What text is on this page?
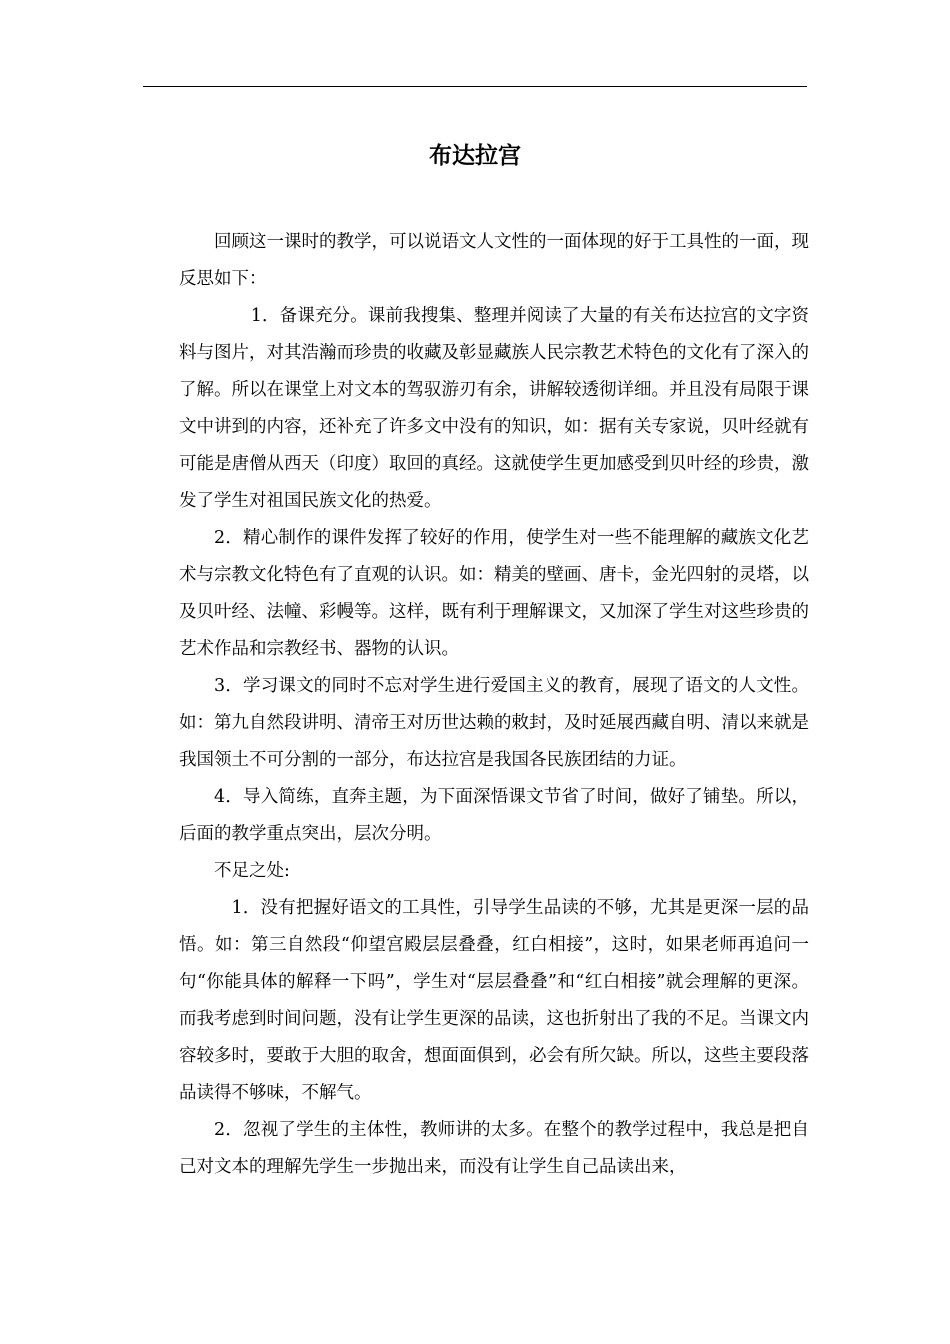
布达拉宫

回顾这一课时的教学，可以说语文人文性的一面体现的好于工具性的一面，现反思如下：

1．备课充分。课前我搜集、整理并阅读了大量的有关布达拉宫的文字资料与图片，对其浩瀚而珍贵的收藏及彰显藏族人民宗教艺术特色的文化有了深入的了解。所以在课堂上对文本的驾驭游刃有余，讲解较透彻详细。并且没有局限于课文中讲到的内容，还补充了许多文中没有的知识，如：据有关专家说，贝叶经就有可能是唐僧从西天（印度）取回的真经。这就使学生更加感受到贝叶经的珍贵，激发了学生对祖国民族文化的热爱。

2．精心制作的课件发挥了较好的作用，使学生对一些不能理解的藏族文化艺术与宗教文化特色有了直观的认识。如：精美的壁画、唐卡，金光四射的灵塔，以及贝叶经、法幢、彩幔等。这样，既有利于理解课文，又加深了学生对这些珍贵的艺术作品和宗教经书、器物的认识。

3．学习课文的同时不忘对学生进行爱国主义的教育，展现了语文的人文性。如：第九自然段讲明、清帝王对历世达赖的敕封，及时延展西藏自明、清以来就是我国领土不可分割的一部分，布达拉宫是我国各民族团结的力证。

4．导入简练，直奔主题，为下面深悟课文节省了时间，做好了铺垫。所以，后面的教学重点突出，层次分明。

不足之处:

1．没有把握好语文的工具性，引导学生品读的不够，尤其是更深一层的品悟。如：第三自然段“仰望宫殿层层叠叠，红白相接”，这时，如果老师再追问一句“你能具体的解释一下吗”，学生对“层层叠叠”和“红白相接”就会理解的更深。而我考虑到时间问题，没有让学生更深的品读，这也折射出了我的不足。当课文内容较多时，要敢于大胆的取舍，想面面俱到，必会有所欠缺。所以，这些主要段落品读得不够味，不解气。

2．忽视了学生的主体性，教师讲的太多。在整个的教学过程中，我总是把自己对文本的理解先学生一步抛出来，而没有让学生自己品读出来，
